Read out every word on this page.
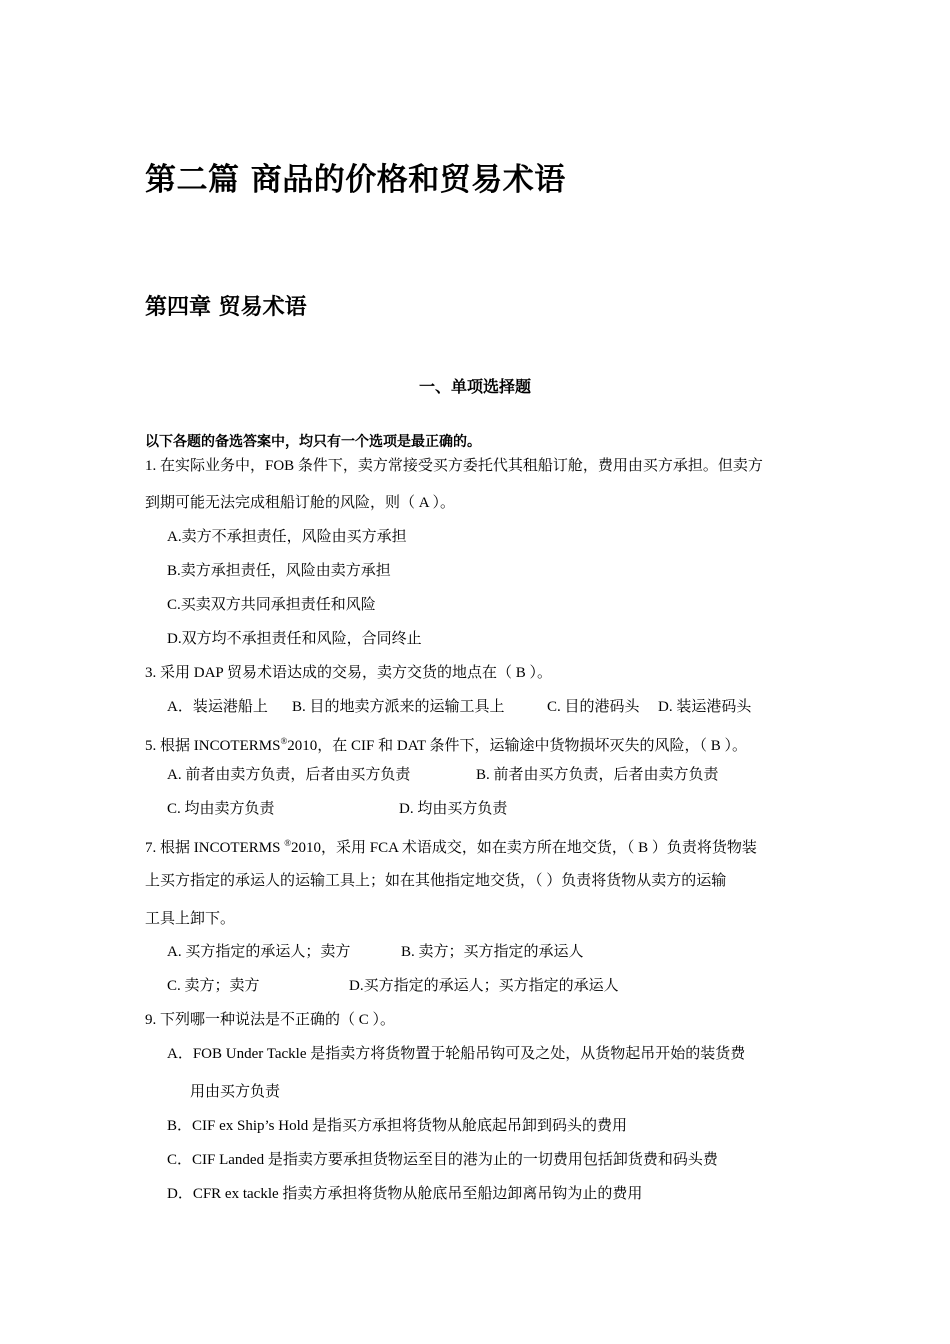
第二篇 商品的价格和贸易术语
第四章 贸易术语
一、单项选择题
以下各题的备选答案中，均只有一个选项是最正确的。
1. 在实际业务中，FOB 条件下，卖方常接受买方委托代其租船订舱，费用由买方承担。但卖方
到期可能无法完成租船订舱的风险，则（ A ）。
A.卖方不承担责任，风险由买方承担
B.卖方承担责任，风险由卖方承担
C.买卖双方共同承担责任和风险
D.双方均不承担责任和风险，合同终止
3. 采用 DAP 贸易术语达成的交易，卖方交货的地点在（ B ）。
A．装运港船上 B. 目的地卖方派来的运输工具上	C. 目的港码头 D. 装运港码头
5. 根据 INCOTERMS®2010，在 CIF 和 DAT 条件下，运输途中货物损坏灭失的风险，（ B ）。
A. 前者由卖方负责，后者由买方负责	B. 前者由买方负责，后者由卖方负责
C. 均由卖方负责	D. 均由买方负责
7. 根据 INCOTERMS ®2010，采用 FCA 术语成交，如在卖方所在地交货，（ B ）负责将货物装
上买方指定的承运人的运输工具上；如在其他指定地交货，（ ）负责将货物从卖方的运输
工具上卸下。
A. 买方指定的承运人；卖方	B. 卖方；买方指定的承运人
C. 卖方；卖方	D.买方指定的承运人；买方指定的承运人
9. 下列哪一种说法是不正确的（ C ）。
A．FOB Under Tackle 是指卖方将货物置于轮船吊钩可及之处，从货物起吊开始的装货费
用由买方负责
B．CIF ex Ship’s Hold 是指买方承担将货物从舱底起吊卸到码头的费用
C．CIF Landed 是指卖方要承担货物运至目的港为止的一切费用包括卸货费和码头费
D．CFR ex tackle 指卖方承担将货物从舱底吊至船边卸离吊钩为止的费用
